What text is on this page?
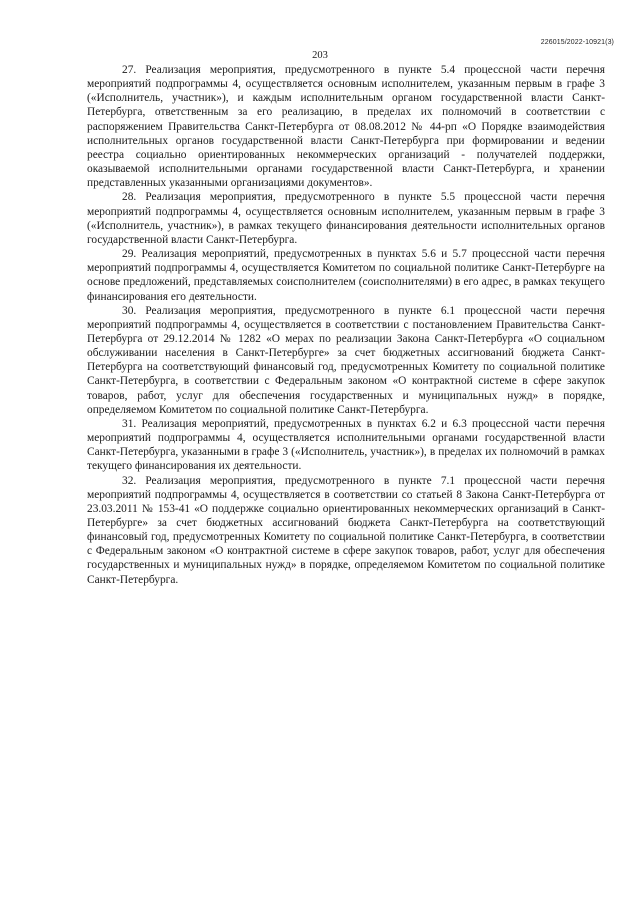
226015/2022-10921(3)
203

27. Реализация мероприятия, предусмотренного в пункте 5.4 процессной части перечня мероприятий подпрограммы 4, осуществляется основным исполнителем, указанным первым в графе 3 («Исполнитель, участник»), и каждым исполнительным органом государственной власти Санкт-Петербурга, ответственным за его реализацию, в пределах их полномочий в соответствии с распоряжением Правительства Санкт-Петербурга от 08.08.2012 № 44-рп «О Порядке взаимодействия исполнительных органов государственной власти Санкт-Петербурга при формировании и ведении реестра социально ориентированных некоммерческих организаций - получателей поддержки, оказываемой исполнительными органами государственной власти Санкт-Петербурга, и хранении представленных указанными организациями документов».

28. Реализация мероприятия, предусмотренного в пункте 5.5 процессной части перечня мероприятий подпрограммы 4, осуществляется основным исполнителем, указанным первым в графе 3 («Исполнитель, участник»), в рамках текущего финансирования деятельности исполнительных органов государственной власти Санкт-Петербурга.

29. Реализация мероприятий, предусмотренных в пунктах 5.6 и 5.7 процессной части перечня мероприятий подпрограммы 4, осуществляется Комитетом по социальной политике Санкт-Петербурге на основе предложений, представляемых соисполнителем (соисполнителями) в его адрес, в рамках текущего финансирования его деятельности.

30. Реализация мероприятия, предусмотренного в пункте 6.1 процессной части перечня мероприятий подпрограммы 4, осуществляется в соответствии с постановлением Правительства Санкт-Петербурга от 29.12.2014 № 1282 «О мерах по реализации Закона Санкт-Петербурга «О социальном обслуживании населения в Санкт-Петербурге» за счет бюджетных ассигнований бюджета Санкт-Петербурга на соответствующий финансовый год, предусмотренных Комитету по социальной политике Санкт-Петербурга, в соответствии с Федеральным законом «О контрактной системе в сфере закупок товаров, работ, услуг для обеспечения государственных и муниципальных нужд» в порядке, определяемом Комитетом по социальной политике Санкт-Петербурга.

31. Реализация мероприятий, предусмотренных в пунктах 6.2 и 6.3 процессной части перечня мероприятий подпрограммы 4, осуществляется исполнительными органами государственной власти Санкт-Петербурга, указанными в графе 3 («Исполнитель, участник»), в пределах их полномочий в рамках текущего финансирования их деятельности.

32. Реализация мероприятия, предусмотренного в пункте 7.1 процессной части перечня мероприятий подпрограммы 4, осуществляется в соответствии со статьей 8 Закона Санкт-Петербурга от 23.03.2011 № 153-41 «О поддержке социально ориентированных некоммерческих организаций в Санкт-Петербурге» за счет бюджетных ассигнований бюджета Санкт-Петербурга на соответствующий финансовый год, предусмотренных Комитету по социальной политике Санкт-Петербурга, в соответствии с Федеральным законом «О контрактной системе в сфере закупок товаров, работ, услуг для обеспечения государственных и муниципальных нужд» в порядке, определяемом Комитетом по социальной политике Санкт-Петербурга.
